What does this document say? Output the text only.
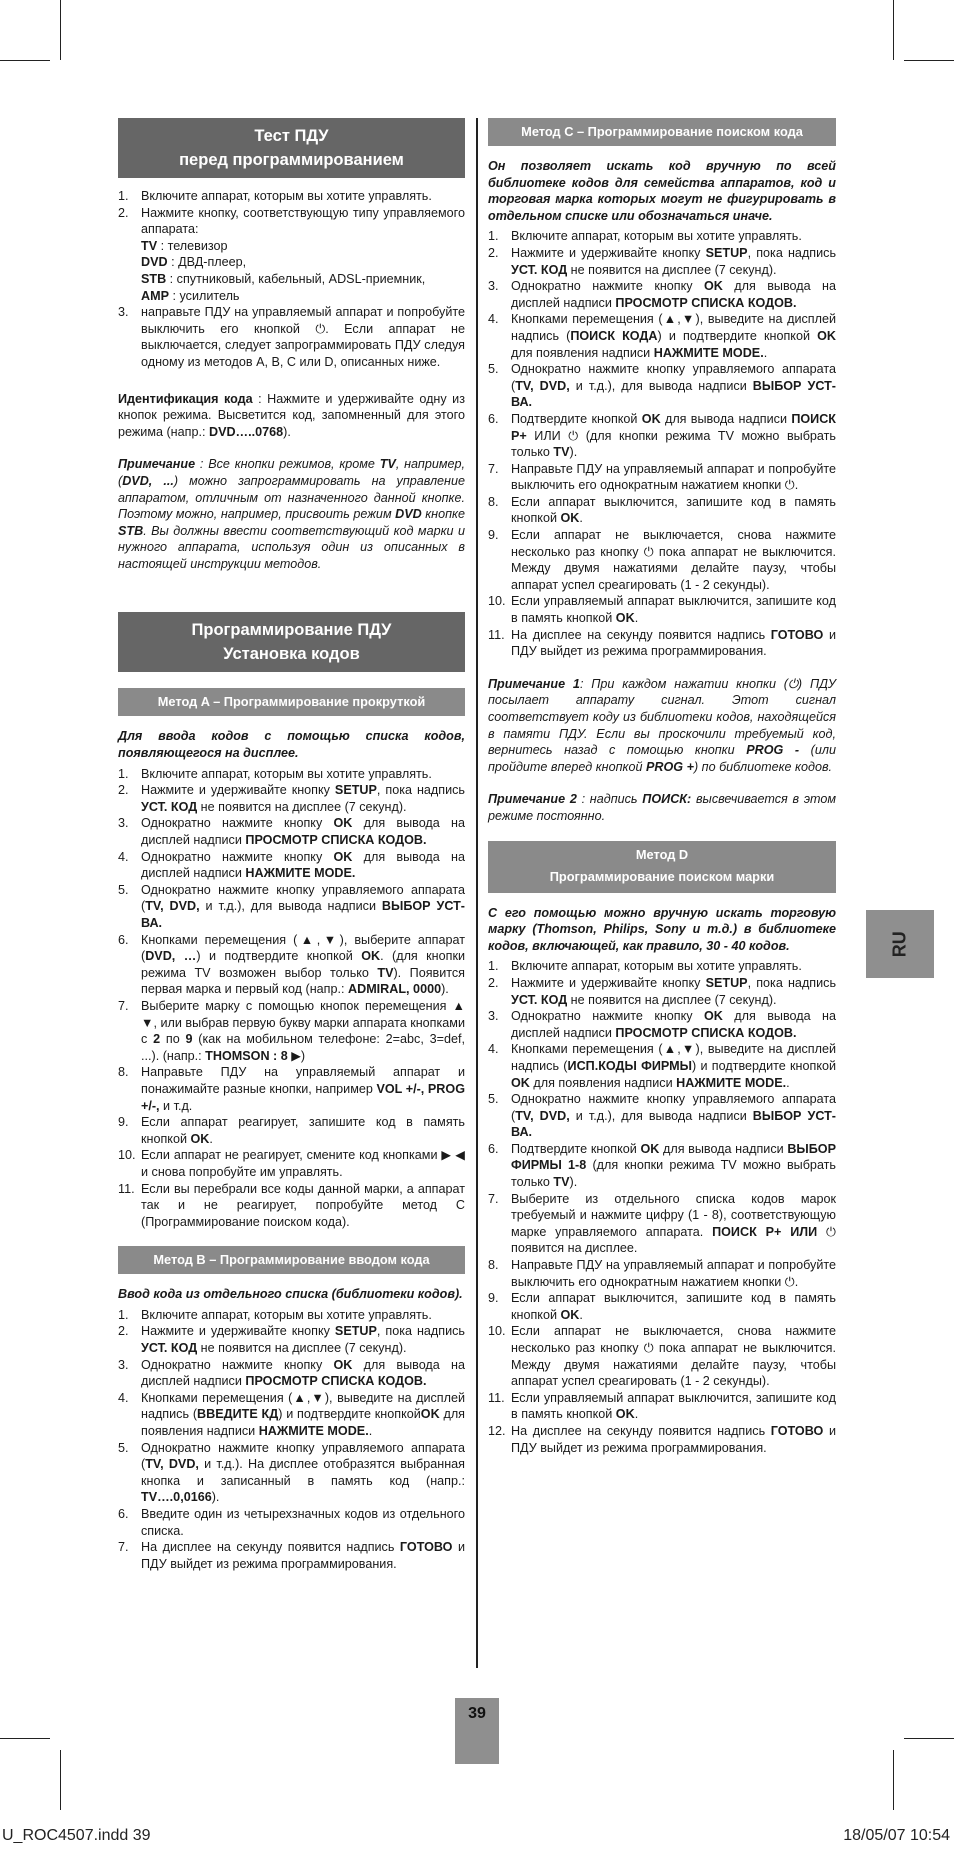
Тест ПДУ
перед программированием
1. Включите аппарат, которым вы хотите управлять.
2. Нажмите кнопку, соответствующую типу управляемого аппарата:
TV : телевизор
DVD : ДВД-плеер,
STB : спутниковый, кабельный, ADSL-приемник,
AMP : усилитель
3. направьте ПДУ на управляемый аппарат и попробуйте выключить его кнопкой ⏻. Если аппарат не выключается, следует запрограммировать ПДУ следуя одному из методов A, B, C или D, описанных ниже.
Идентификация кода : Нажмите и удерживайте одну из кнопок режима. Высветится код, запомненный для этого режима (напр.: DVD…..0768).
Примечание : Все кнопки режимов, кроме TV, например, (DVD, ...) можно запрограммировать на управление аппаратом, отличным от назначенного данной кнопке. Поэтому можно, например, присвоить режим DVD кнопке STB. Вы должны ввести соответствующий код марки и нужного аппарата, используя один из описанных в настоящей инструкции методов.
Программирование ПДУ
Установка кодов
Метод A – Программирование прокруткой
Для ввода кодов с помощью списка кодов, появляющегося на дисплее.
1. Включите аппарат, которым вы хотите управлять.
2. Нажмите и удерживайте кнопку SETUP, пока надпись УСТ. КОД не появится на дисплее (7 секунд).
3. Однократно нажмите кнопку OK для вывода на дисплей надписи ПРОСМОТР СПИСКА КОДОВ.
4. Однократно нажмите кнопку OK для вывода на дисплей надписи НАЖМИТЕ MODE.
5. Однократно нажмите кнопку управляемого аппарата (TV, DVD, и т.д.), для вывода надписи ВЫБОР УСТ-ВА.
6. Кнопками перемещения (▲,▼), выберите аппарат (DVD, …) и подтвердите кнопкой OK. (для кнопки режима TV возможен выбор только TV). Появится первая марка и первый код (напр.: ADMIRAL, 0000).
7. Выберите марку с помощью кнопок перемещения ▲ ▼, или выбрав первую букву марки аппарата кнопками с 2 по 9 (как на мобильном телефоне: 2=abc, 3=def, ...). (напр.: THOMSON : 8 ▶)
8. Направьте ПДУ на управляемый аппарат и понажимайте разные кнопки, например VOL +/-, PROG +/-, и т.д.
9. Если аппарат реагирует, запишите код в память кнопкой OK.
10. Если аппарат не реагирует, смените код кнопками ▶ ◀ и снова попробуйте им управлять.
11. Если вы перебрали все коды данной марки, а аппарат так и не реагирует, попробуйте метод C (Программирование поиском кода).
Метод B – Программирование вводом кода
Ввод кода из отдельного списка (библиотеки кодов).
1. Включите аппарат, которым вы хотите управлять.
2. Нажмите и удерживайте кнопку SETUP, пока надпись УСТ. КОД не появится на дисплее (7 секунд).
3. Однократно нажмите кнопку OK для вывода на дисплей надписи ПРОСМОТР СПИСКА КОДОВ.
4. Кнопками перемещения (▲,▼), выведите на дисплей надпись (ВВЕДИТЕ КД) и подтвердите кнопкойOK для появления надписи НАЖМИТЕ MODE..
5. Однократно нажмите кнопку управляемого аппарата (TV, DVD, и т.д.). На дисплее отобразятся выбранная кнопка и записанный в память код (напр.: TV….0,0166).
6. Введите один из четырехзначных кодов из отдельного списка.
7. На дисплее на секунду появится надпись ГОТОВО и ПДУ выйдет из режима программирования.
Метод C – Программирование поиском кода
Он позволяет искать код вручную по всей библиотеке кодов для семейства аппаратов, код и торговая марка которых могут не фигурировать в отдельном списке или обозначаться иначе.
1. Включите аппарат, которым вы хотите управлять.
2. Нажмите и удерживайте кнопку SETUP, пока надпись УСТ. КОД не появится на дисплее (7 секунд).
3. Однократно нажмите кнопку OK для вывода на дисплей надписи ПРОСМОТР СПИСКА КОДОВ.
4. Кнопками перемещения (▲,▼), выведите на дисплей надпись (ПОИСК КОДА) и подтвердите кнопкой OK для появления надписи НАЖМИТЕ MODE..
5. Однократно нажмите кнопку управляемого аппарата (TV, DVD, и т.д.), для вывода надписи ВЫБОР УСТ-ВА.
6. Подтвердите кнопкой OK для вывода надписи ПОИСК P+ ИЛИ ⏻ (для кнопки режима TV можно выбрать только TV).
7. Направьте ПДУ на управляемый аппарат и попробуйте выключить его однократным нажатием кнопки ⏻.
8. Если аппарат выключится, запишите код в память кнопкой OK.
9. Если аппарат не выключается, снова нажмите несколько раз кнопку ⏻ пока аппарат не выключится. Между двумя нажатиями делайте паузу, чтобы аппарат успел среагировать (1 - 2 секунды).
10. Если управляемый аппарат выключится, запишите код в память кнопкой OK.
11. На дисплее на секунду появится надпись ГОТОВО и ПДУ выйдет из режима программирования.
Примечание 1: При каждом нажатии кнопки (⏻) ПДУ посылает аппарату сигнал. Этот сигнал соответствует коду из библиотеки кодов, находящейся в памяти ПДУ. Если вы проскочили требуемый код, вернитесь назад с помощью кнопки PROG - (или пройдите вперед кнопкой PROG +) по библиотеке кодов.
Примечание 2 : надпись ПОИСК: высвечивается в этом режиме постоянно.
Метод D
Программирование поиском марки
С его помощью можно вручную искать торговую марку (Thomson, Philips, Sony и т.д.) в библиотеке кодов, включающей, как правило, 30 - 40 кодов.
1. Включите аппарат, которым вы хотите управлять.
2. Нажмите и удерживайте кнопку SETUP, пока надпись УСТ. КОД не появится на дисплее (7 секунд).
3. Однократно нажмите кнопку OK для вывода на дисплей надписи ПРОСМОТР СПИСКА КОДОВ.
4. Кнопками перемещения (▲,▼), выведите на дисплей надпись (ИСП.КОДЫ ФИРМЫ) и подтвердите кнопкой OK для появления надписи НАЖМИТЕ MODE..
5. Однократно нажмите кнопку управляемого аппарата (TV, DVD, и т.д.), для вывода надписи ВЫБОР УСТ-ВА.
6. Подтвердите кнопкой OK для вывода надписи ВЫБОР ФИРМЫ 1-8 (для кнопки режима TV можно выбрать только TV).
7. Выберите из отдельного списка кодов марок требуемый и нажмите цифру (1 - 8), соответствующую марке управляемого аппарата. ПОИСК P+ ИЛИ ⏻ появится на дисплее.
8. Направьте ПДУ на управляемый аппарат и попробуйте выключить его однократным нажатием кнопки ⏻.
9. Если аппарат выключится, запишите код в память кнопкой OK.
10. Если аппарат не выключается, снова нажмите несколько раз кнопку ⏻ пока аппарат не выключится. Между двумя нажатиями делайте паузу, чтобы аппарат успел среагировать (1 - 2 секунды).
11. Если управляемый аппарат выключится, запишите код в память кнопкой OK.
12. На дисплее на секунду появится надпись ГОТОВО и ПДУ выйдет из режима программирования.
RU
39
U_ROC4507.indd 39	18/05/07 10:54
